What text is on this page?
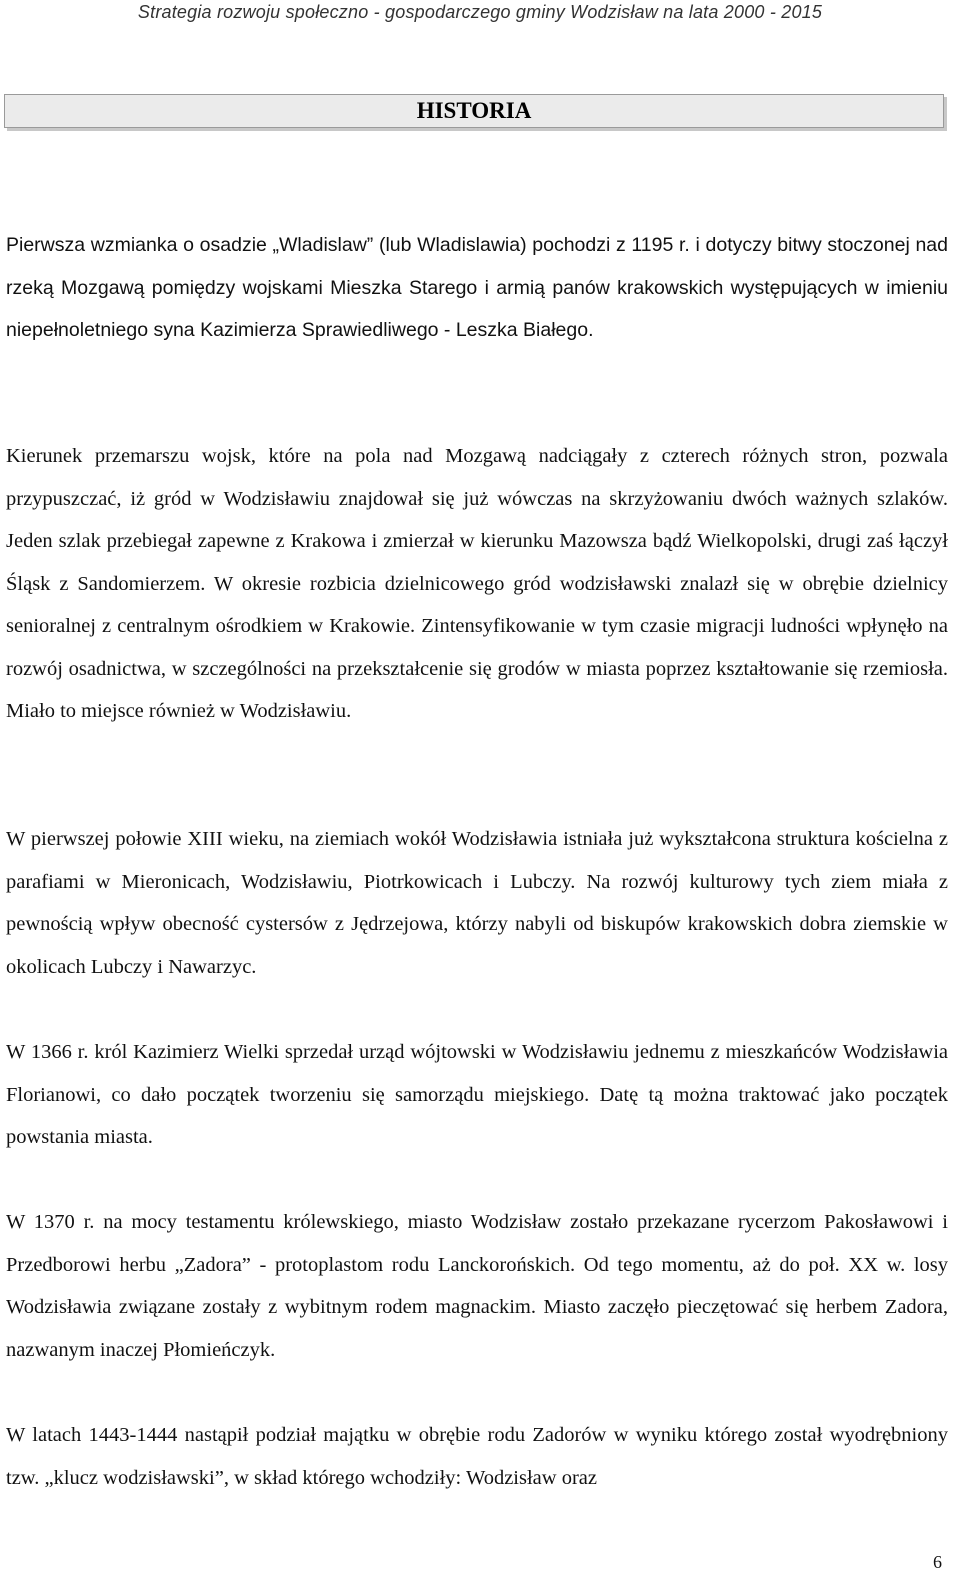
Strategia rozwoju społeczno - gospodarczego gminy Wodzisław na lata 2000 - 2015
HISTORIA

Pierwsza wzmianka o osadzie „Wladislaw” (lub Wladislawia) pochodzi z 1195 r. i dotyczy bitwy stoczonej nad rzeką Mozgawą pomiędzy wojskami Mieszka Starego i armią panów krakowskich występujących w imieniu niepełnoletniego syna Kazimierza Sprawiedliwego - Leszka Białego.

Kierunek przemarszu wojsk, które na pola nad Mozgawą nadciągały z czterech różnych stron, pozwala przypuszczać, iż gród w Wodzisławiu znajdował się już wówczas na skrzyżowaniu dwóch ważnych szlaków. Jeden szlak przebiegał zapewne z Krakowa i zmierzał w kierunku Mazowsza bądź Wielkopolski, drugi zaś łączył Śląsk z Sandomierzem. W okresie rozbicia dzielnicowego gród wodzisławski znalazł się w obrębie dzielnicy senioralnej z centralnym ośrodkiem w Krakowie. Zintensyfikowanie w tym czasie migracji ludności wpłynęło na rozwój osadnictwa, w szczególności na przekształcenie się grodów w miasta poprzez kształtowanie się rzemiosła. Miało to miejsce również w Wodzisławiu.

W pierwszej połowie XIII wieku, na ziemiach wokół Wodzisławia istniała już wykształcona struktura kościelna z parafiami w Mieronicach, Wodzisławiu, Piotrkowicach i Lubczy. Na rozwój kulturowy tych ziem miała z pewnością wpływ obecność cystersów z Jędrzejowa, którzy nabyli od biskupów krakowskich dobra ziemskie w okolicach Lubczy i Nawarzyc.

W 1366 r. król Kazimierz Wielki sprzedał urząd wójtowski w Wodzisławiu jednemu z mieszkańców Wodzisławia Florianowi, co dało początek tworzeniu się samorządu miejskiego. Datę tą można traktować jako początek powstania miasta.

W 1370 r. na mocy testamentu królewskiego, miasto Wodzisław zostało przekazane rycerzom Pakosławowi i Przedborowi herbu „Zadora” - protoplastom rodu Lanckorońskich. Od tego momentu, aż do poł. XX w. losy Wodzisławia związane zostały z wybitnym rodem magnackim. Miasto zaczęło pieczętować się herbem Zadora, nazwanym inaczej Płomieńczyk.

W latach 1443-1444 nastąpił podział majątku w obrębie rodu Zadorów w wyniku którego został wyodrębniony tzw. „klucz wodzisławski”, w skład którego wchodziły: Wodzisław oraz

6
